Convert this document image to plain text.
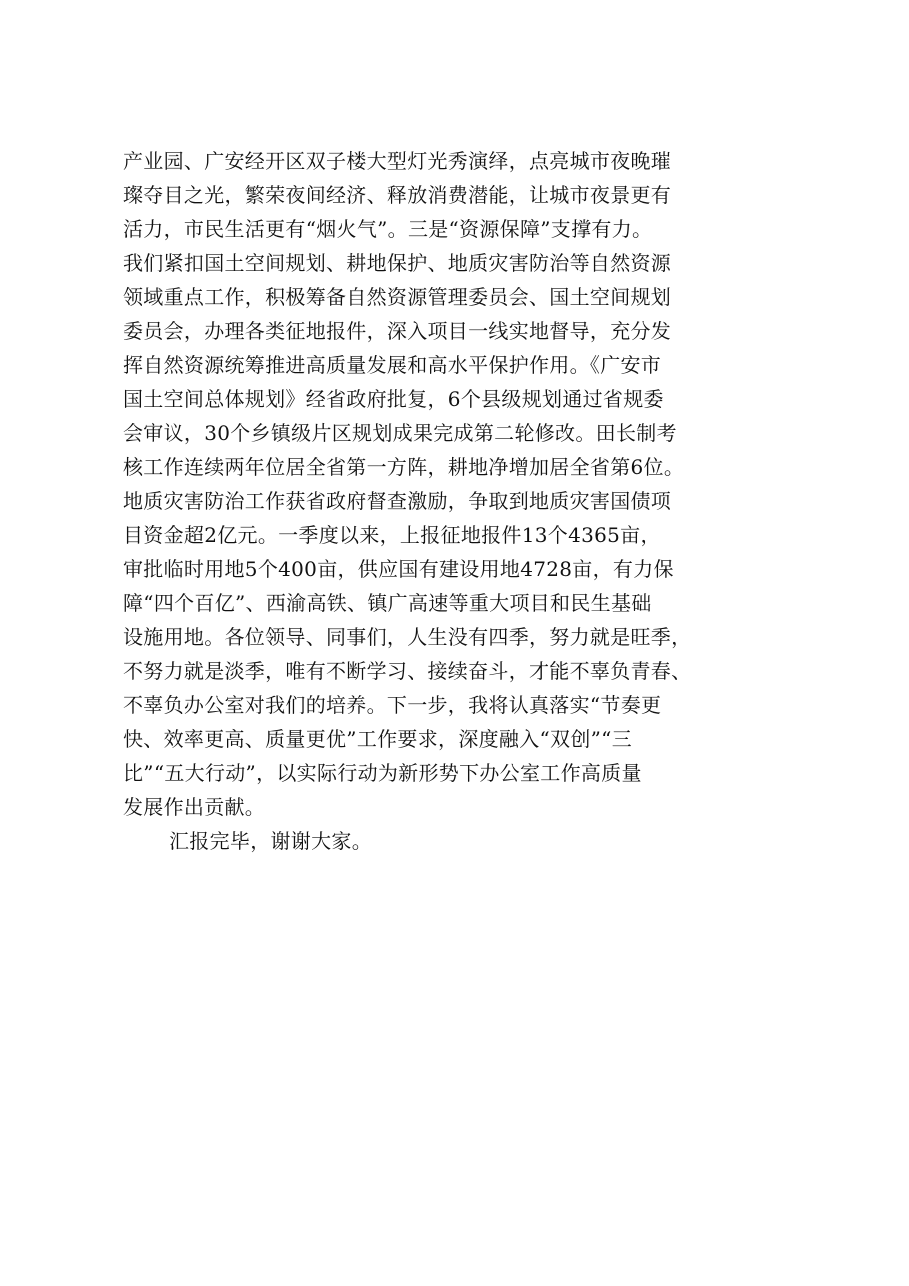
产业园、广安经开区双子楼大型灯光秀演绎，点亮城市夜晚璀
璨夺目之光，繁荣夜间经济、释放消费潜能，让城市夜景更有
活力，市民生活更有“烟火气”。三是“资源保障”支撑有力。
我们紧扣国土空间规划、耕地保护、地质灾害防治等自然资源
领域重点工作，积极筹备自然资源管理委员会、国土空间规划
委员会，办理各类征地报件，深入项目一线实地督导，充分发
挥自然资源统筹推进高质量发展和高水平保护作用。《广安市
国土空间总体规划》经省政府批复，6个县级规划通过省规委
会审议，30个乡镇级片区规划成果完成第二轮修改。田长制考
核工作连续两年位居全省第一方阵，耕地净增加居全省第6位。
地质灾害防治工作获省政府督查激励，争取到地质灾害国债项
目资金超2亿元。一季度以来，上报征地报件13个4365亩，
审批临时用地5个400亩，供应国有建设用地4728亩，有力保
障“四个百亿”、西渝高铁、镇广高速等重大项目和民生基础
设施用地。各位领导、同事们，人生没有四季，努力就是旺季，
不努力就是淡季，唯有不断学习、接续奋斗，才能不辜负青春、
不辜负办公室对我们的培养。下一步，我将认真落实“节奏更
快、效率更高、质量更优”工作要求，深度融入“双创”“三
比”“五大行动”，以实际行动为新形势下办公室工作高质量
发展作出贡献。
汇报完毕，谢谢大家。
